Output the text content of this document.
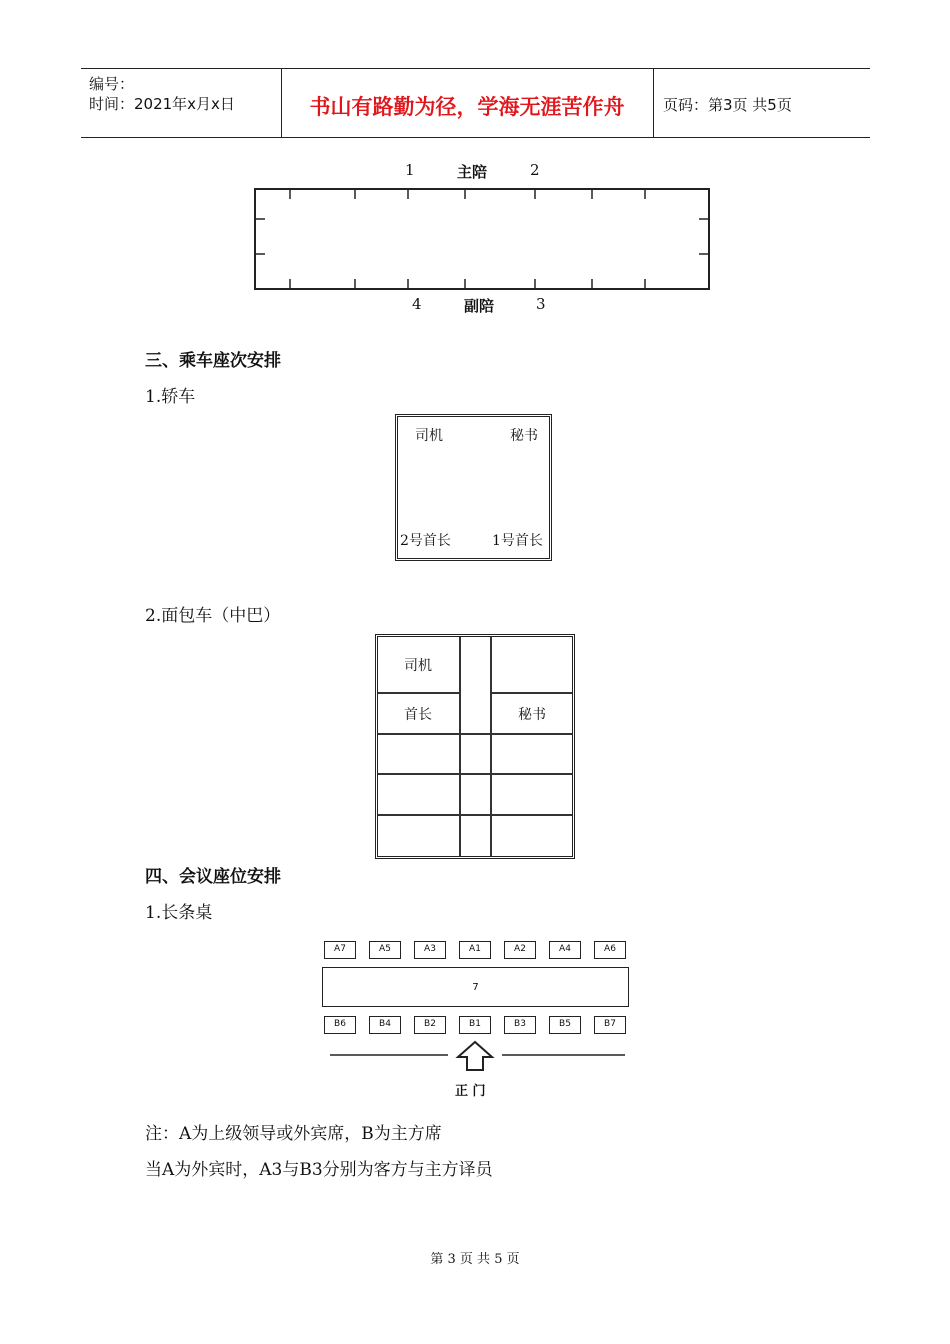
编号：
时间：2021年x月x日	书山有路勤为径，学海无涯苦作舟	页码：第3页 共5页
1	主陪	2
4	副陪	3
三、乘车座次安排
1.轿车
司机	秘书
2号首长	1号首长
2.面包车（中巴）
司机
首长	秘书
四、会议座位安排
1.长条桌
A7	A5	A3	A1	A2	A4	A6
7
B6	B4	B2	B1	B3	B5	B7
正 门
注：A为上级领导或外宾席，B为主方席
当A为外宾时，A3与B3分别为客方与主方译员
第 3 页 共 5 页
